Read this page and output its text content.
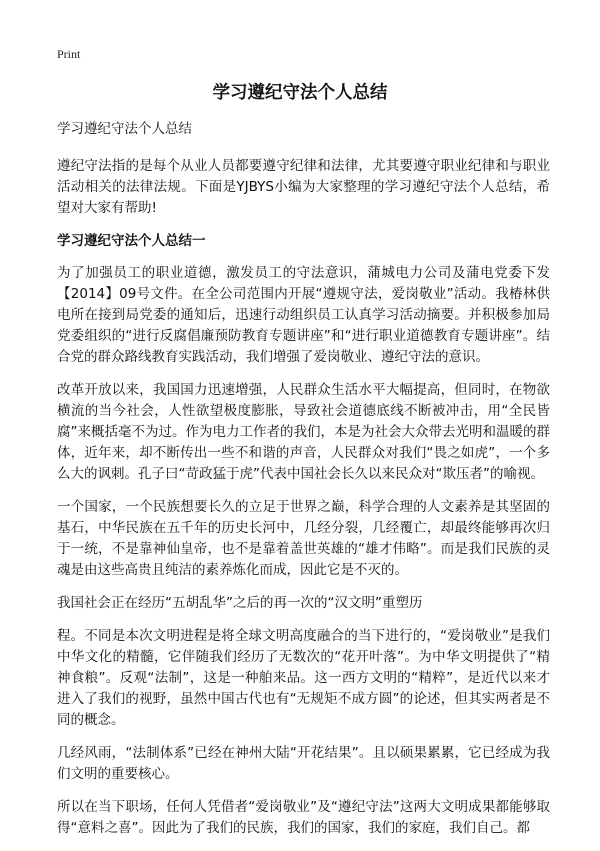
Print
学习遵纪守法个人总结

学习遵纪守法个人总结

遵纪守法指的是每个从业人员都要遵守纪律和法律，尤其要遵守职业纪律和与职业活动相关的法律法规。下面是YJBYS小编为大家整理的学习遵纪守法个人总结，希望对大家有帮助!

学习遵纪守法个人总结一

为了加强员工的职业道德，激发员工的守法意识，蒲城电力公司及蒲电党委下发【2014】09号文件。在全公司范围内开展“遵规守法，爱岗敬业”活动。我椿林供电所在接到局党委的通知后，迅速行动组织员工认真学习活动摘要。并积极参加局党委组织的“进行反腐倡廉预防教育专题讲座”和“进行职业道德教育专题讲座”。结合党的群众路线教育实践活动，我们增强了爱岗敬业、遵纪守法的意识。

改革开放以来，我国国力迅速增强，人民群众生活水平大幅提高，但同时，在物欲横流的当今社会，人性欲望极度膨胀，导致社会道德底线不断被冲击，用“全民皆腐”来概括毫不为过。作为电力工作者的我们，本是为社会大众带去光明和温暖的群体，近年来，却不断传出一些不和谐的声音，人民群众对我们“畏之如虎”，一个多么大的讽刺。孔子曰“苛政猛于虎”代表中国社会长久以来民众对“欺压者”的喻视。

一个国家，一个民族想要长久的立足于世界之巅，科学合理的人文素养是其坚固的基石，中华民族在五千年的历史长河中，几经分裂，几经覆亡，却最终能够再次归于一统，不是靠神仙皇帝，也不是靠着盖世英雄的“雄才伟略”。而是我们民族的灵魂是由这些高贵且纯洁的素养炼化而成，因此它是不灭的。

我国社会正在经历“五胡乱华”之后的再一次的“汉文明”重塑历

程。不同是本次文明进程是将全球文明高度融合的当下进行的，“爱岗敬业”是我们中华文化的精髓，它伴随我们经历了无数次的“花开叶落”。为中华文明提供了“精神食粮”。反观“法制”，这是一种舶来品。这一西方文明的“精粹”，是近代以来才进入了我们的视野，虽然中国古代也有“无规矩不成方圆”的论述，但其实两者是不同的概念。

几经风雨，“法制体系”已经在神州大陆“开花结果”。且以硕果累累，它已经成为我们文明的重要核心。

所以在当下职场，任何人凭借者“爱岗敬业”及“遵纪守法”这两大文明成果都能够取得“意料之喜”。因此为了我们的民族，我们的国家，我们的家庭，我们自己。都
